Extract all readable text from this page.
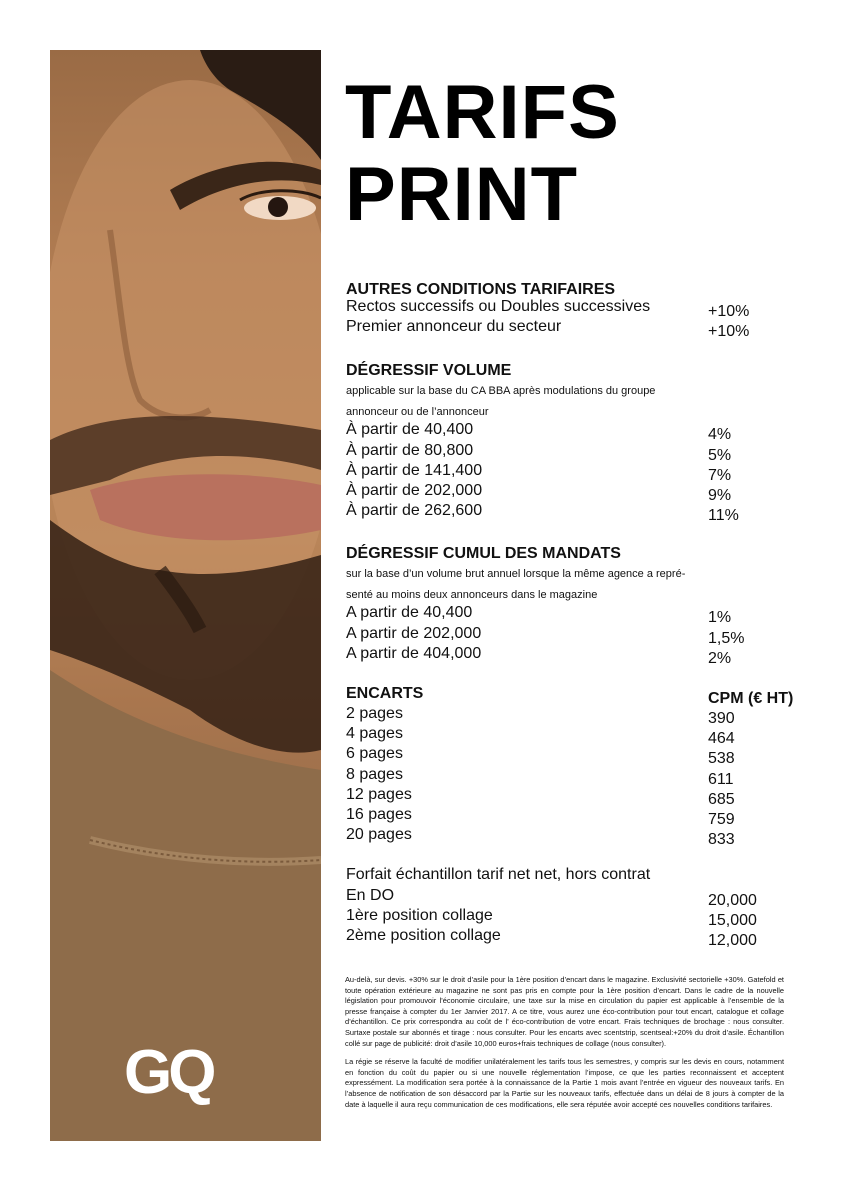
GQ
TARIFS
PRINT
AUTRES CONDITIONS TARIFAIRES
Rectos successifs ou Doubles successives	+10%
Premier annonceur du secteur	+10%
DÉGRESSIF VOLUME

applicable sur la base du CA BBA après modulations du groupe

annonceur ou de l’annonceur

À partir de 40,400	4%
À partir de 80,800	5%
À partir de 141,400	7%
À partir de 202,000	9%
À partir de 262,600	11%
DÉGRESSIF CUMUL DES MANDATS

sur la base d’un volume brut annuel lorsque la même agence a repré-

senté au moins deux annonceurs dans le magazine

A partir de 40,400	1%
A partir de 202,000	1,5%
A partir de 404,000	2%
ENCARTS	CPM (€ HT)
2 pages	390
4 pages	464
6 pages	538
8 pages	611
12 pages	685
16 pages	759
20 pages	833
Forfait échantillon tarif net net, hors contrat
En DO	20,000
1ère position collage	15,000
2ème position collage	12,000

Au-delà, sur devis. +30% sur le droit d’asile pour la 1ère position d’encart dans le magazine. Exclusivité sectorielle +30%. Gatefold et toute opération extérieure au magazine ne sont pas pris en compte pour la 1ère position d’encart. Dans le cadre de la nouvelle législation pour promouvoir l’économie circulaire, une taxe sur la mise en circulation du papier est applicable à l’ensemble de la presse française à compter du 1er Janvier 2017. A ce titre, vous aurez une éco-contribution pour tout encart, catalogue et collage d’échantillon. Ce prix correspondra au coût de l’ éco-contribution de votre encart. Frais techniques de brochage : nous consulter. Surtaxe postale sur abonnés et tirage : nous consulter. Pour les encarts avec scentstrip, scentseal:+20% du droit d’asile. Échantillon collé sur page de publicité: droit d’asile 10,000 euros+frais techniques de collage (nous consulter).

La régie se réserve la faculté de modifier unilatéralement les tarifs tous les semestres, y compris sur les devis en cours, notamment en fonction du coût du papier ou si une nouvelle réglementation l’impose, ce que les parties reconnaissent et acceptent expressément. La modification sera portée à la connaissance de la Partie 1 mois avant l’entrée en vigueur des nouveaux tarifs. En l’absence de notification de son désaccord par la Partie sur les nouveaux tarifs, effectuée dans un délai de 8 jours à compter de la date à laquelle il aura reçu communication de ces modifications, elle sera réputée avoir accepté ces nouvelles conditions tarifaires.
